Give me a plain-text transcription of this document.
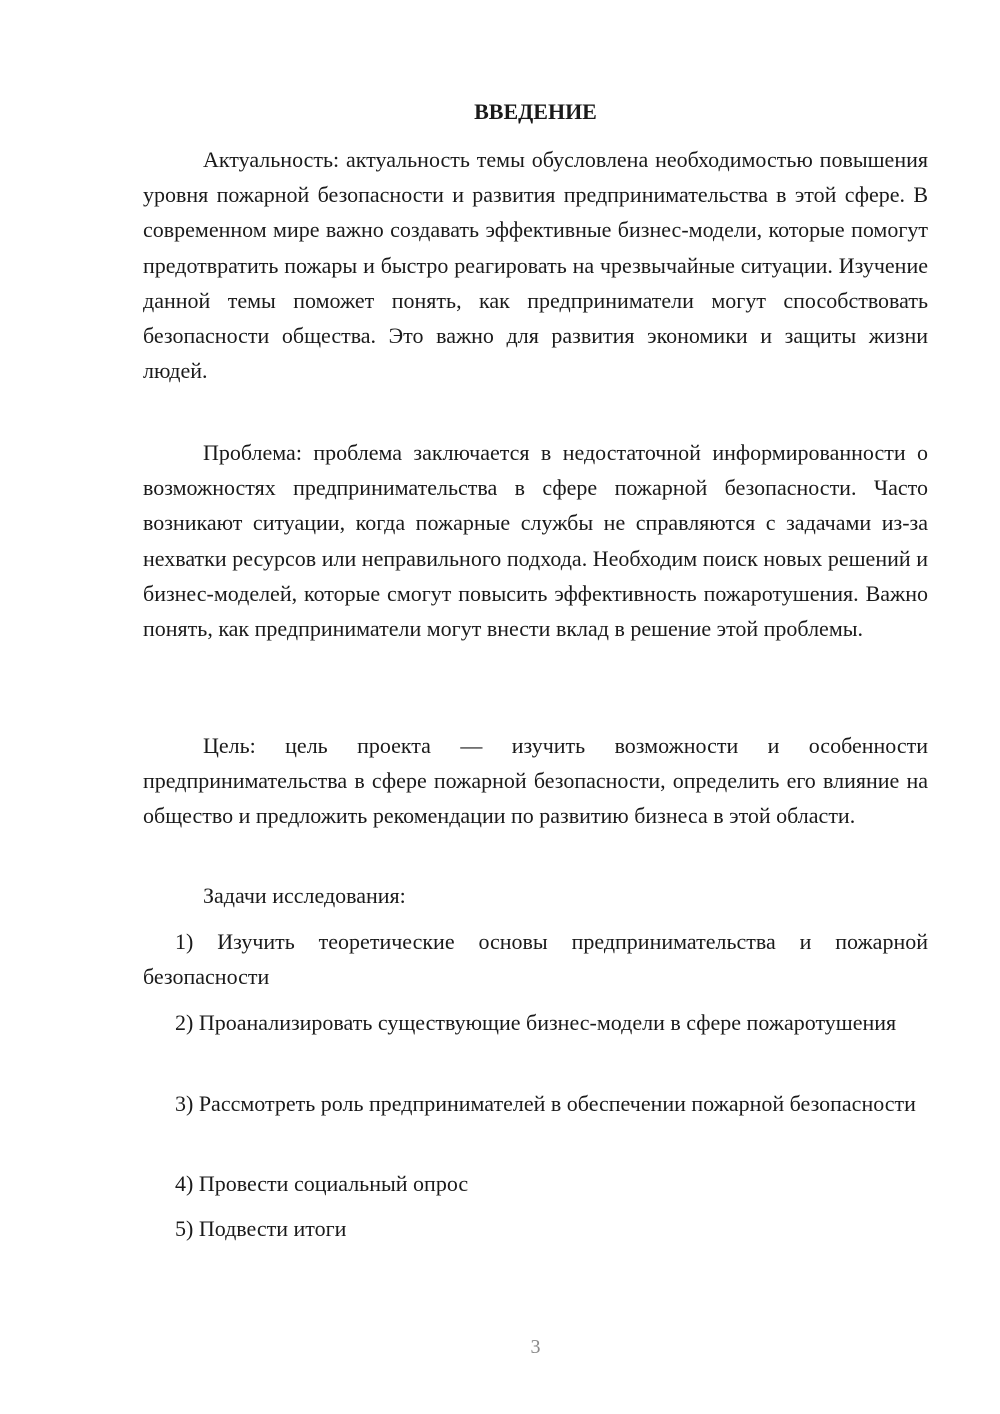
ВВЕДЕНИЕ

Актуальность: актуальность темы обусловлена необходимостью повышения уровня пожарной безопасности и развития предпринимательства в этой сфере. В современном мире важно создавать эффективные бизнес-модели, которые помогут предотвратить пожары и быстро реагировать на чрезвычайные ситуации. Изучение данной темы поможет понять, как предприниматели могут способствовать безопасности общества. Это важно для развития экономики и защиты жизни людей.

Проблема: проблема заключается в недостаточной информированности о возможностях предпринимательства в сфере пожарной безопасности. Часто возникают ситуации, когда пожарные службы не справляются с задачами из-за нехватки ресурсов или неправильного подхода. Необходим поиск новых решений и бизнес-моделей, которые смогут повысить эффективность пожаротушения. Важно понять, как предприниматели могут внести вклад в решение этой проблемы.

Цель: цель проекта — изучить возможности и особенности предпринимательства в сфере пожарной безопасности, определить его влияние на общество и предложить рекомендации по развитию бизнеса в этой области.

Задачи исследования:

1) Изучить теоретические основы предпринимательства и пожарной безопасности

2) Проанализировать существующие бизнес-модели в сфере пожаротушения

3) Рассмотреть роль предпринимателей в обеспечении пожарной безопасности

4) Провести социальный опрос

5) Подвести итоги

3
